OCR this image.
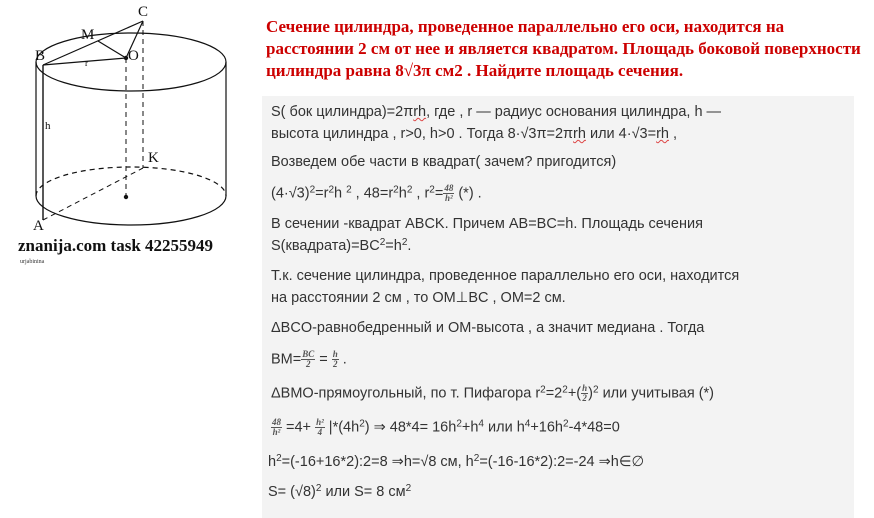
C
M
B	O
r
h
K
A
znanija.com task 42255949
urjabinina
Сечение цилиндра, проведенное параллельно его оси, находится на расстоянии 2 см от нее и является квадратом. Площадь боковой поверхности цилиндра равна 8√3π см2 . Найдите площадь сечения.
S( бок цилиндра)=2πrh, где , r — радиус основания цилиндра, h —
высота цилиндра , r>0, h>0 . Тогда 8·√3π=2πrh или 4·√3=rh ,
Возведем обе части в квадрат( зачем? пригодится)
$(4\cdot√3)^2=r^2h$ $^2$ , $48=r^2h^2$ , $r^2= \frac{48}{\text{h²}}$ (*) .
В сечении -квадрат ABCK. Причем AB=BC=h. Площадь сечения
$S(квадрата)=BC^2=h^2$.
Т.к. сечение цилиндра, проведенное параллельно его оси, находится
на расстоянии 2 см , то OM⊥BC , OM=2 см.
ΔBCO-равнобедренный и OM-высота , а значит медиана . Тогда
$BM= \frac{BC}{2} = \frac{h}{2}$ .
ΔBMO-прямоугольный, по т. Пифагора $r^2=2^2+( \frac{h}{2} )^2$ или учитывая (*)
$\frac{48}{\text{h²}} =4+ \frac{\text{h²}}{4} |*(4h^2)$ ⇒ $48*4= 16h^2+h^4$ или $h^4+16h^2-4*48=0$
$h^2=(-16+16*2):2=8$ ⇒h=√8 см, $h^2=(-16-16*2):2=-24$ ⇒h∈∅
$S= (√8)^2$ или S= 8 $см^2$
